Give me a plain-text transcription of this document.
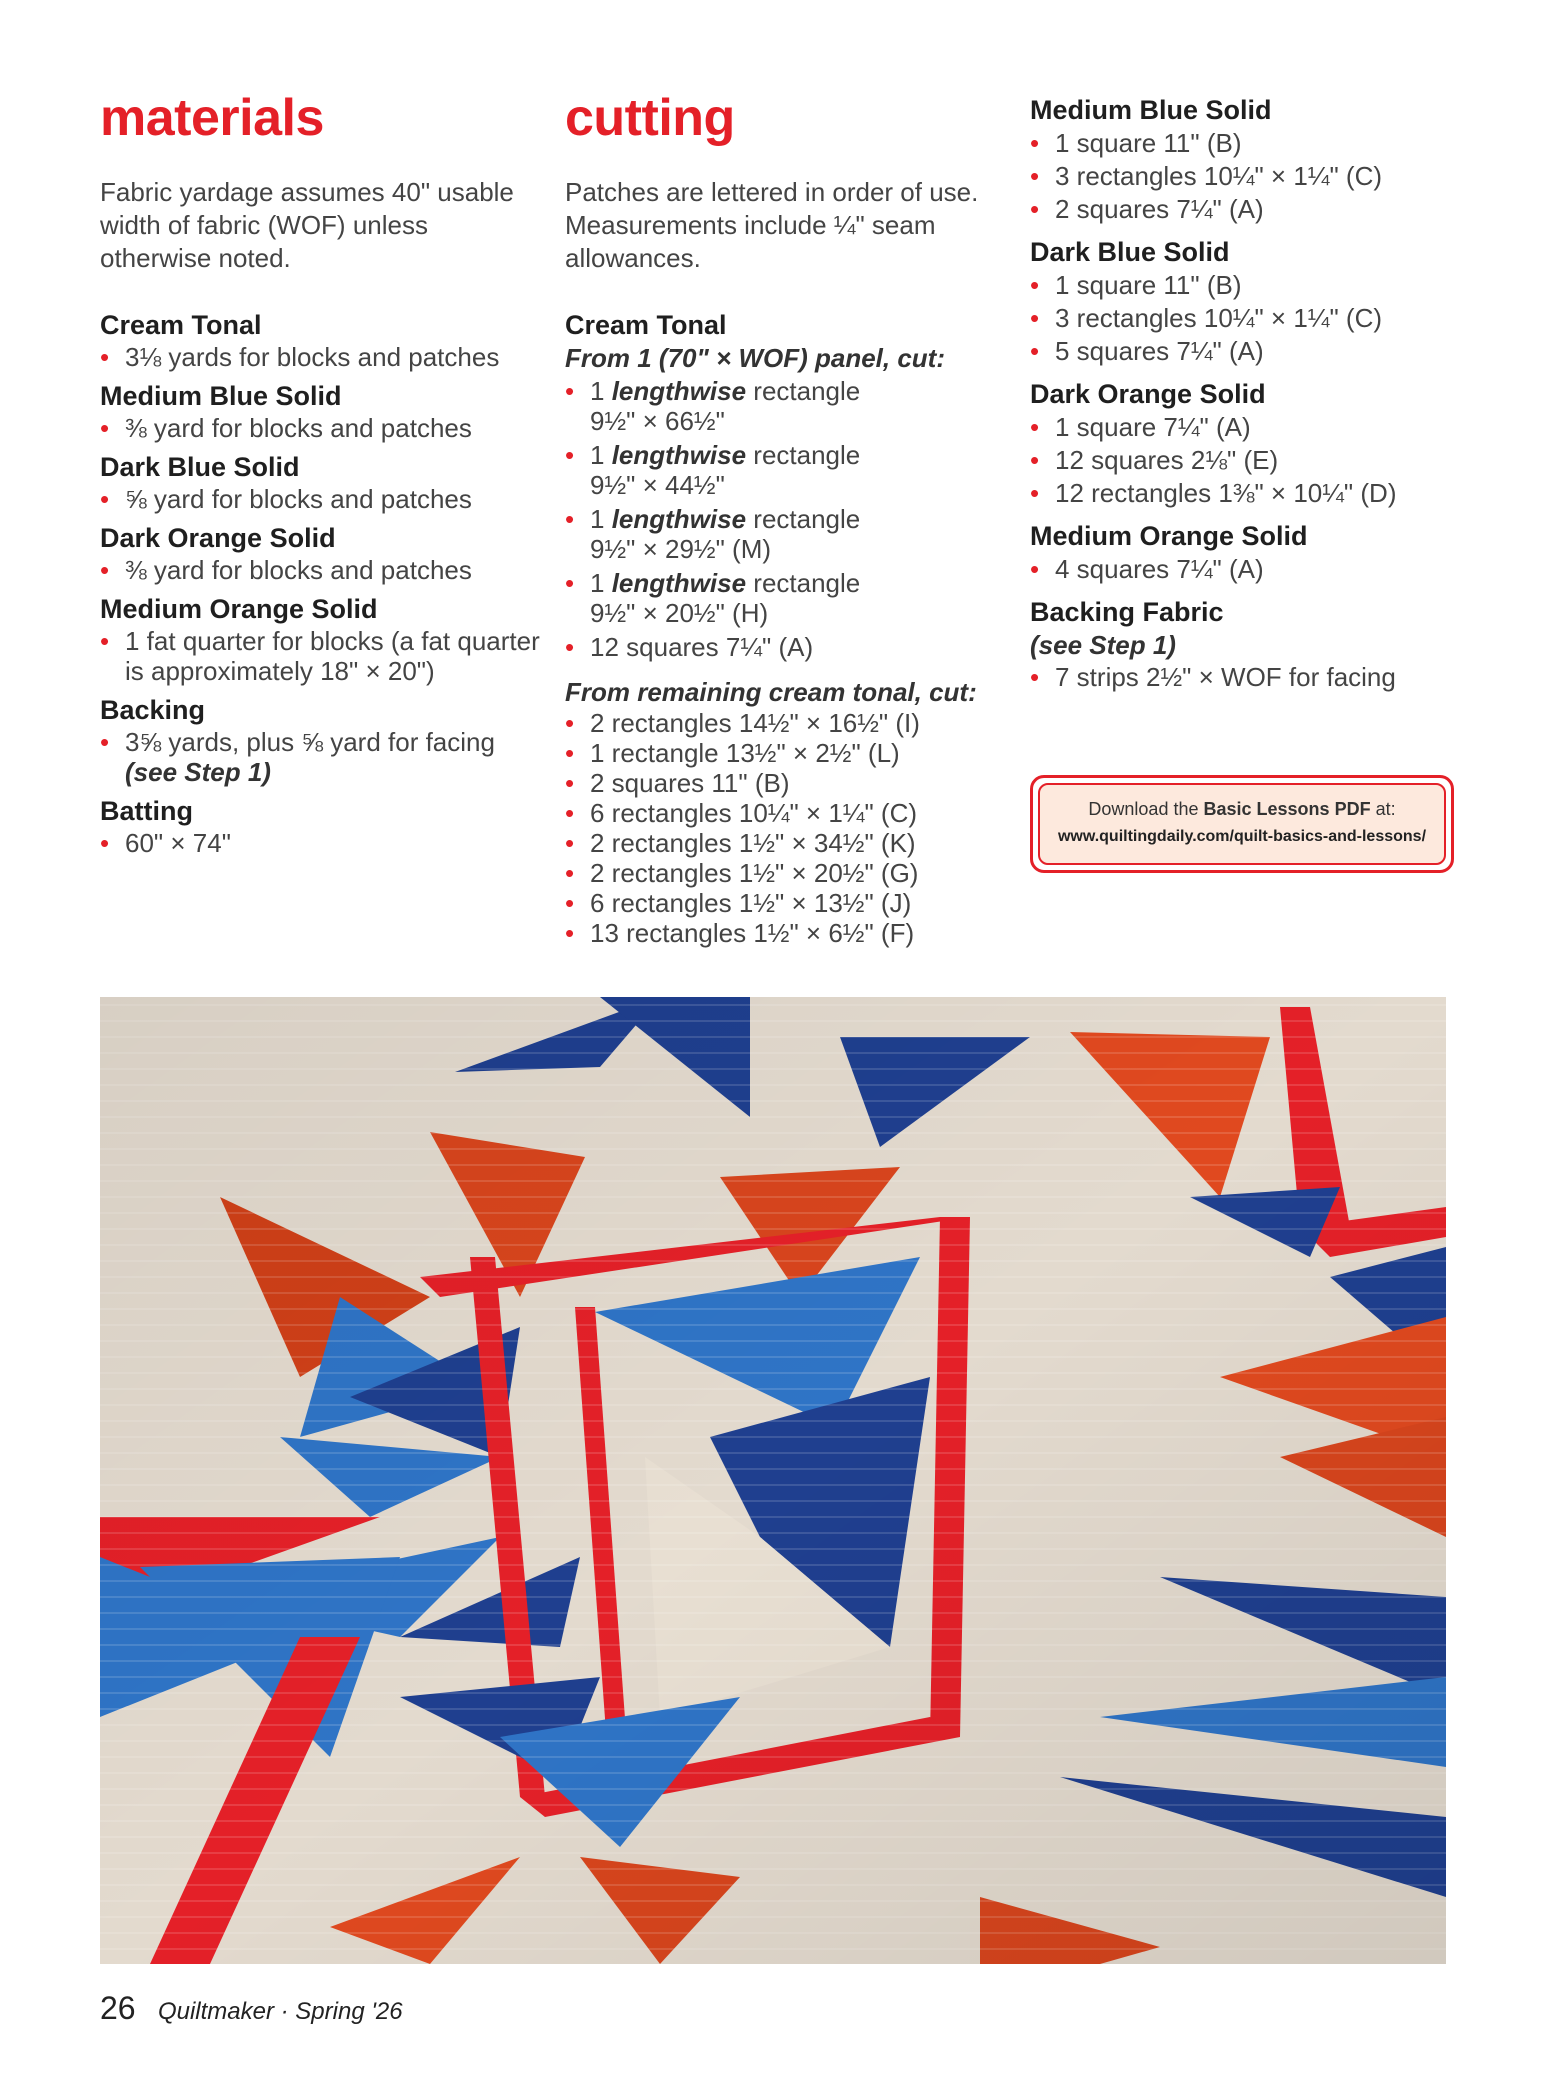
materials

Fabric yardage assumes 40" usable width of fabric (WOF) unless otherwise noted.

Cream Tonal

• 3⅛ yards for blocks and patches

Medium Blue Solid

• ⅜ yard for blocks and patches

Dark Blue Solid

• ⅝ yard for blocks and patches

Dark Orange Solid

• ⅜ yard for blocks and patches

Medium Orange Solid

• 1 fat quarter for blocks (a fat quarter is approximately 18" × 20")

Backing

• 3⅝ yards, plus ⅝ yard for facing
(see Step 1)

Batting

• 60" × 74"
cutting

Patches are lettered in order of use. Measurements include ¼" seam allowances.

Cream Tonal

From 1 (70" × WOF) panel, cut:

• 1 lengthwise rectangle
9½" × 66½"
• 1 lengthwise rectangle
9½" × 44½"
• 1 lengthwise rectangle
9½" × 29½" (M)
• 1 lengthwise rectangle
9½" × 20½" (H)
• 12 squares 7¼" (A)

From remaining cream tonal, cut:

• 2 rectangles 14½" × 16½" (I)
• 1 rectangle 13½" × 2½" (L)
• 2 squares 11" (B)
• 6 rectangles 10¼" × 1¼" (C)
• 2 rectangles 1½" × 34½" (K)
• 2 rectangles 1½" × 20½" (G)
• 6 rectangles 1½" × 13½" (J)
• 13 rectangles 1½" × 6½" (F)

Medium Blue Solid

• 1 square 11" (B)
• 3 rectangles 10¼" × 1¼" (C)
• 2 squares 7¼" (A)

Dark Blue Solid

• 1 square 11" (B)
• 3 rectangles 10¼" × 1¼" (C)
• 5 squares 7¼" (A)

Dark Orange Solid

• 1 square 7¼" (A)
• 12 squares 2⅛" (E)
• 12 rectangles 1⅜" × 10¼" (D)

Medium Orange Solid

• 4 squares 7¼" (A)

Backing Fabric

(see Step 1)

• 7 strips 2½" × WOF for facing
Download the Basic Lessons PDF at:
www.quiltingdaily.com/quilt-basics-and-lessons/
26 Quiltmaker · Spring '26
